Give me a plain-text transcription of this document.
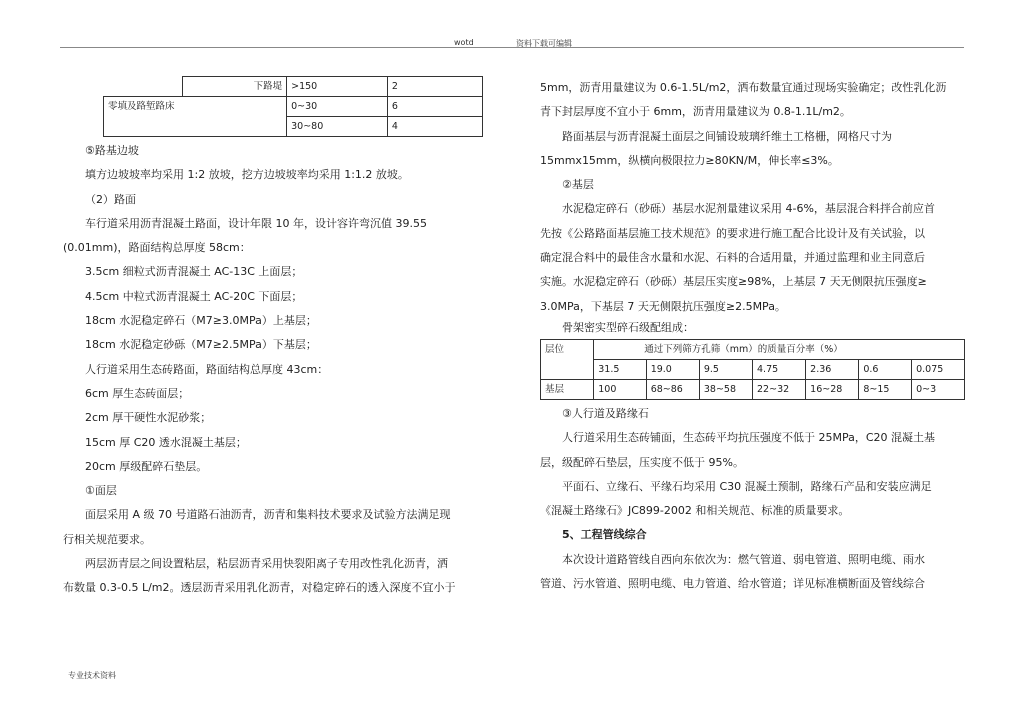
wotd	资料下载可编辑
	下路堤	>150	2
零填及路堑路床		0~30	6
		30~80	4

⑤路基边坡

填方边坡坡率均采用 1:2 放坡，挖方边坡坡率均采用 1:1.2 放坡。

（2）路面

车行道采用沥青混凝土路面，设计年限 10 年，设计容许弯沉值 39.55

(0.01mm)，路面结构总厚度 58cm：

3.5cm 细粒式沥青混凝土 AC-13C 上面层；

4.5cm 中粒式沥青混凝土 AC-20C 下面层；

18cm 水泥稳定碎石（M7≥3.0MPa）上基层；

18cm 水泥稳定砂砾（M7≥2.5MPa）下基层；

人行道采用生态砖路面，路面结构总厚度 43cm：

6cm 厚生态砖面层；

2cm 厚干硬性水泥砂浆；

15cm 厚 C20 透水混凝土基层；

20cm 厚级配碎石垫层。

①面层

面层采用 A 级 70 号道路石油沥青，沥青和集料技术要求及试验方法满足现

行相关规范要求。

两层沥青层之间设置粘层，粘层沥青采用快裂阳离子专用改性乳化沥青，洒

布数量 0.3-0.5 L/m2。透层沥青采用乳化沥青，对稳定碎石的透入深度不宜小于

5mm，沥青用量建议为 0.6-1.5L/m2，洒布数量宜通过现场实验确定；改性乳化沥

青下封层厚度不宜小于 6mm，沥青用量建议为 0.8-1.1L/m2。

路面基层与沥青混凝土面层之间铺设玻璃纤维土工格栅，网格尺寸为

15mmx15mm，纵横向极限拉力≥80KN/M，伸长率≤3%。

②基层

水泥稳定碎石（砂砾）基层水泥剂量建议采用 4-6%，基层混合料拌合前应首

先按《公路路面基层施工技术规范》的要求进行施工配合比设计及有关试验，以

确定混合料中的最佳含水量和水泥、石料的合适用量，并通过监理和业主同意后

实施。水泥稳定碎石（砂砾）基层压实度≥98%，上基层 7 天无侧限抗压强度≥

3.0MPa，下基层 7 天无侧限抗压强度≥2.5MPa。

骨架密实型碎石级配组成：

层位	通过下列筛方孔筛（mm）的质量百分率（%）						
	31.5	19.0	9.5	4.75	2.36	0.6	0.075
基层	100	68~86	38~58	22~32	16~28	8~15	0~3

③人行道及路缘石

人行道采用生态砖铺面，生态砖平均抗压强度不低于 25MPa，C20 混凝土基

层，级配碎石垫层，压实度不低于 95%。

平面石、立缘石、平缘石均采用 C30 混凝土预制，路缘石产品和安装应满足

《混凝土路缘石》JC899-2002 和相关规范、标准的质量要求。

5、工程管线综合

本次设计道路管线自西向东依次为：燃气管道、弱电管道、照明电缆、雨水

管道、污水管道、照明电缆、电力管道、给水管道；详见标准横断面及管线综合

专业技术资料
